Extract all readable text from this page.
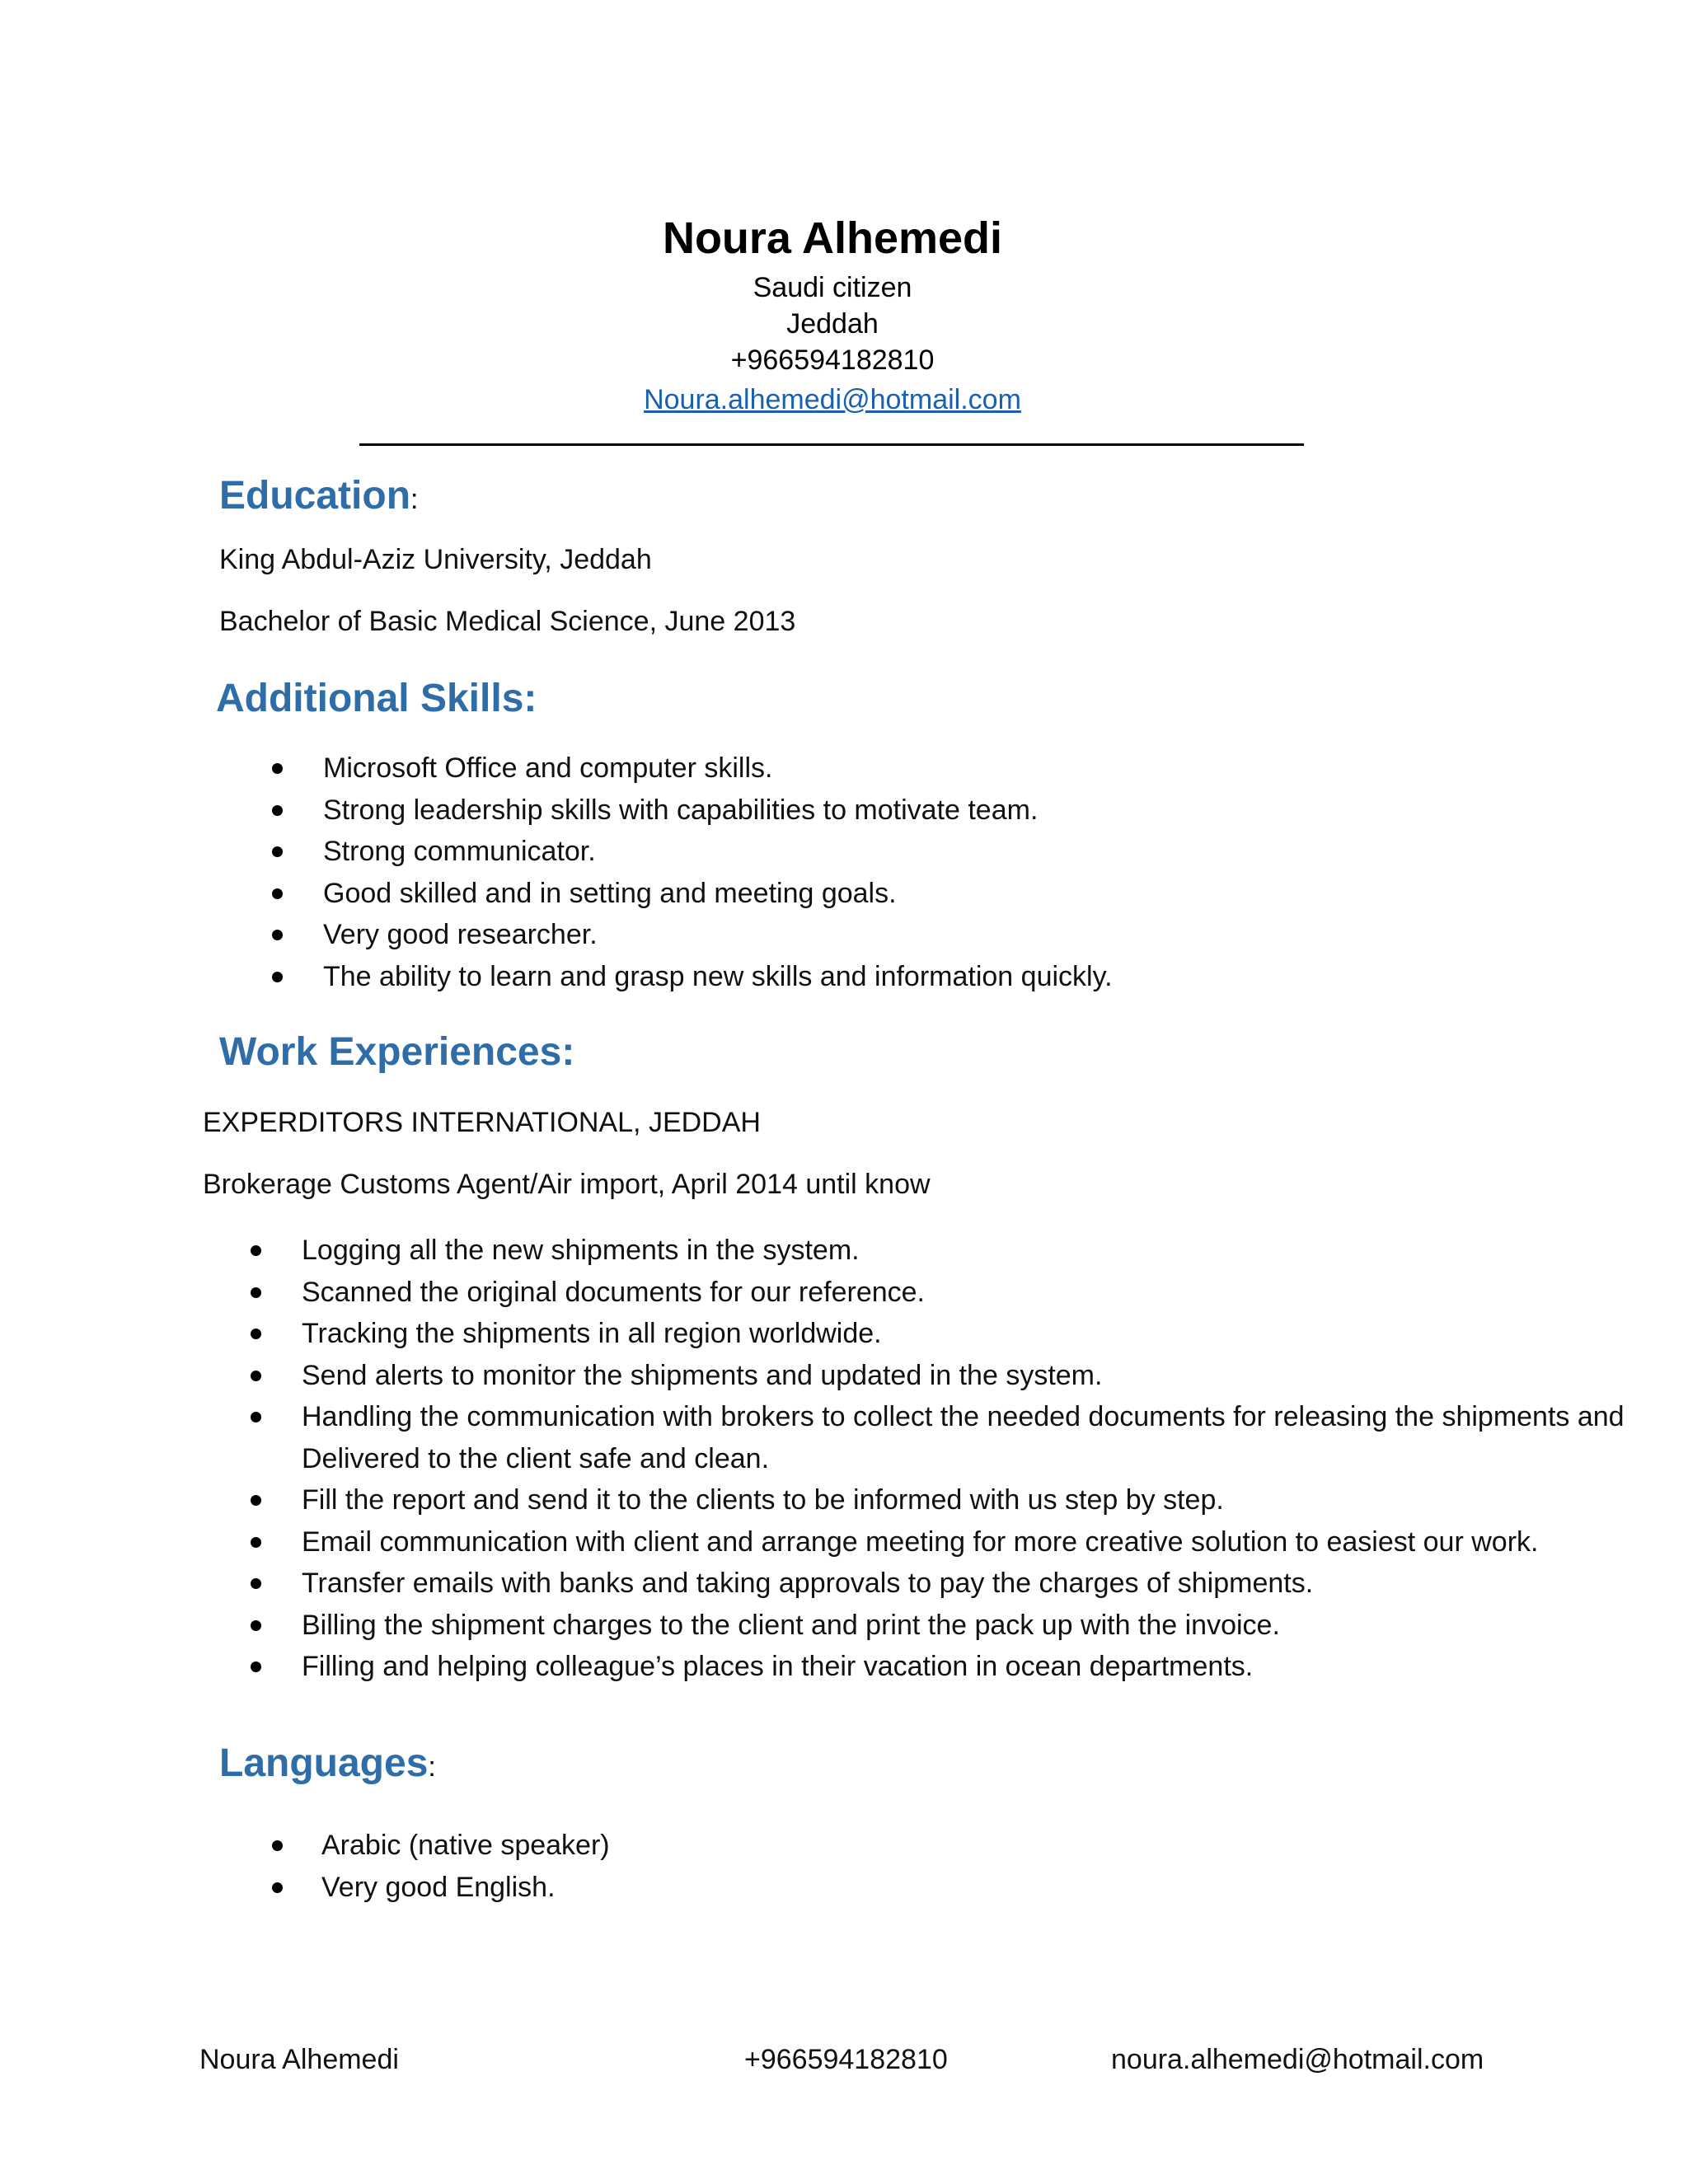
Noura Alhemedi
Saudi citizen
Jeddah
+966594182810
Noura.alhemedi@hotmail.com
Education:
King Abdul-Aziz University, Jeddah
Bachelor of Basic Medical Science, June 2013
Additional Skills:
Microsoft Office and computer skills.
Strong leadership skills with capabilities to motivate team.
Strong communicator.
Good skilled and in setting and meeting goals.
Very good researcher.
The ability to learn and grasp new skills and information quickly.
Work Experiences:
EXPERDITORS INTERNATIONAL, JEDDAH
Brokerage Customs Agent/Air import, April 2014 until know
Logging all the new shipments in the system.
Scanned the original documents for our reference.
Tracking the shipments in all region worldwide.
Send alerts to monitor the shipments and updated in the system.
Handling the communication with brokers to collect the needed documents for releasing the shipments and
Delivered to the client safe and clean.
Fill the report and send it to the clients to be informed with us step by step.
Email communication with client and arrange meeting for more creative solution to easiest our work.
Transfer emails with banks and taking approvals to pay the charges of shipments.
Billing the shipment charges to the client and print the pack up with the invoice.
Filling and helping colleague’s places in their vacation in ocean departments.
Languages:
Arabic (native speaker)
Very good English.
Noura Alhemedi	+966594182810	noura.alhemedi@hotmail.com
